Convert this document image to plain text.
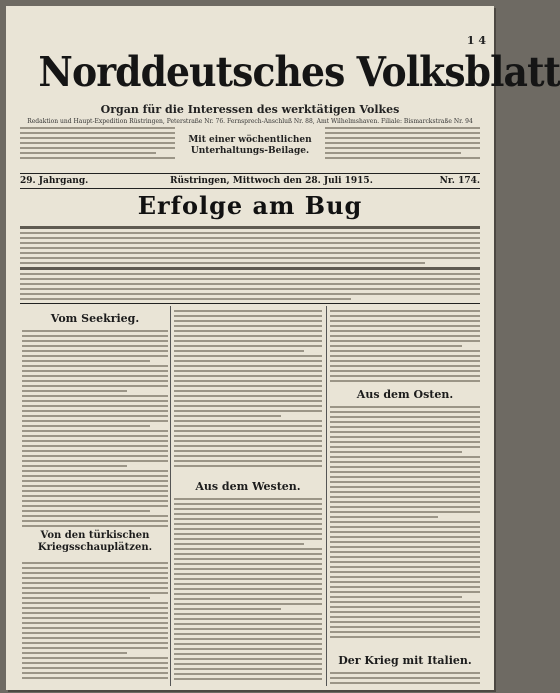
1 4
Norddeutsches Volksblatt
Organ für die Interessen des werktätigen Volkes
Redaktion und Haupt-Expedition Rüstringen, Peterstraße Nr. 76. Fernsprech-Anschluß Nr. 88, Amt Wilhelmshaven. Filiale: Bismarckstraße Nr. 94
Mit einer wöchentlichen Unterhaltungs-Beilage.
29. Jahrgang.	Rüstringen, Mittwoch den 28. Juli 1915.	Nr. 174.
Erfolge am Bug
Vom Seekrieg.
Von den türkischen Kriegsschauplätzen.
Aus dem Westen.
Aus dem Osten.
Der Krieg mit Italien.
